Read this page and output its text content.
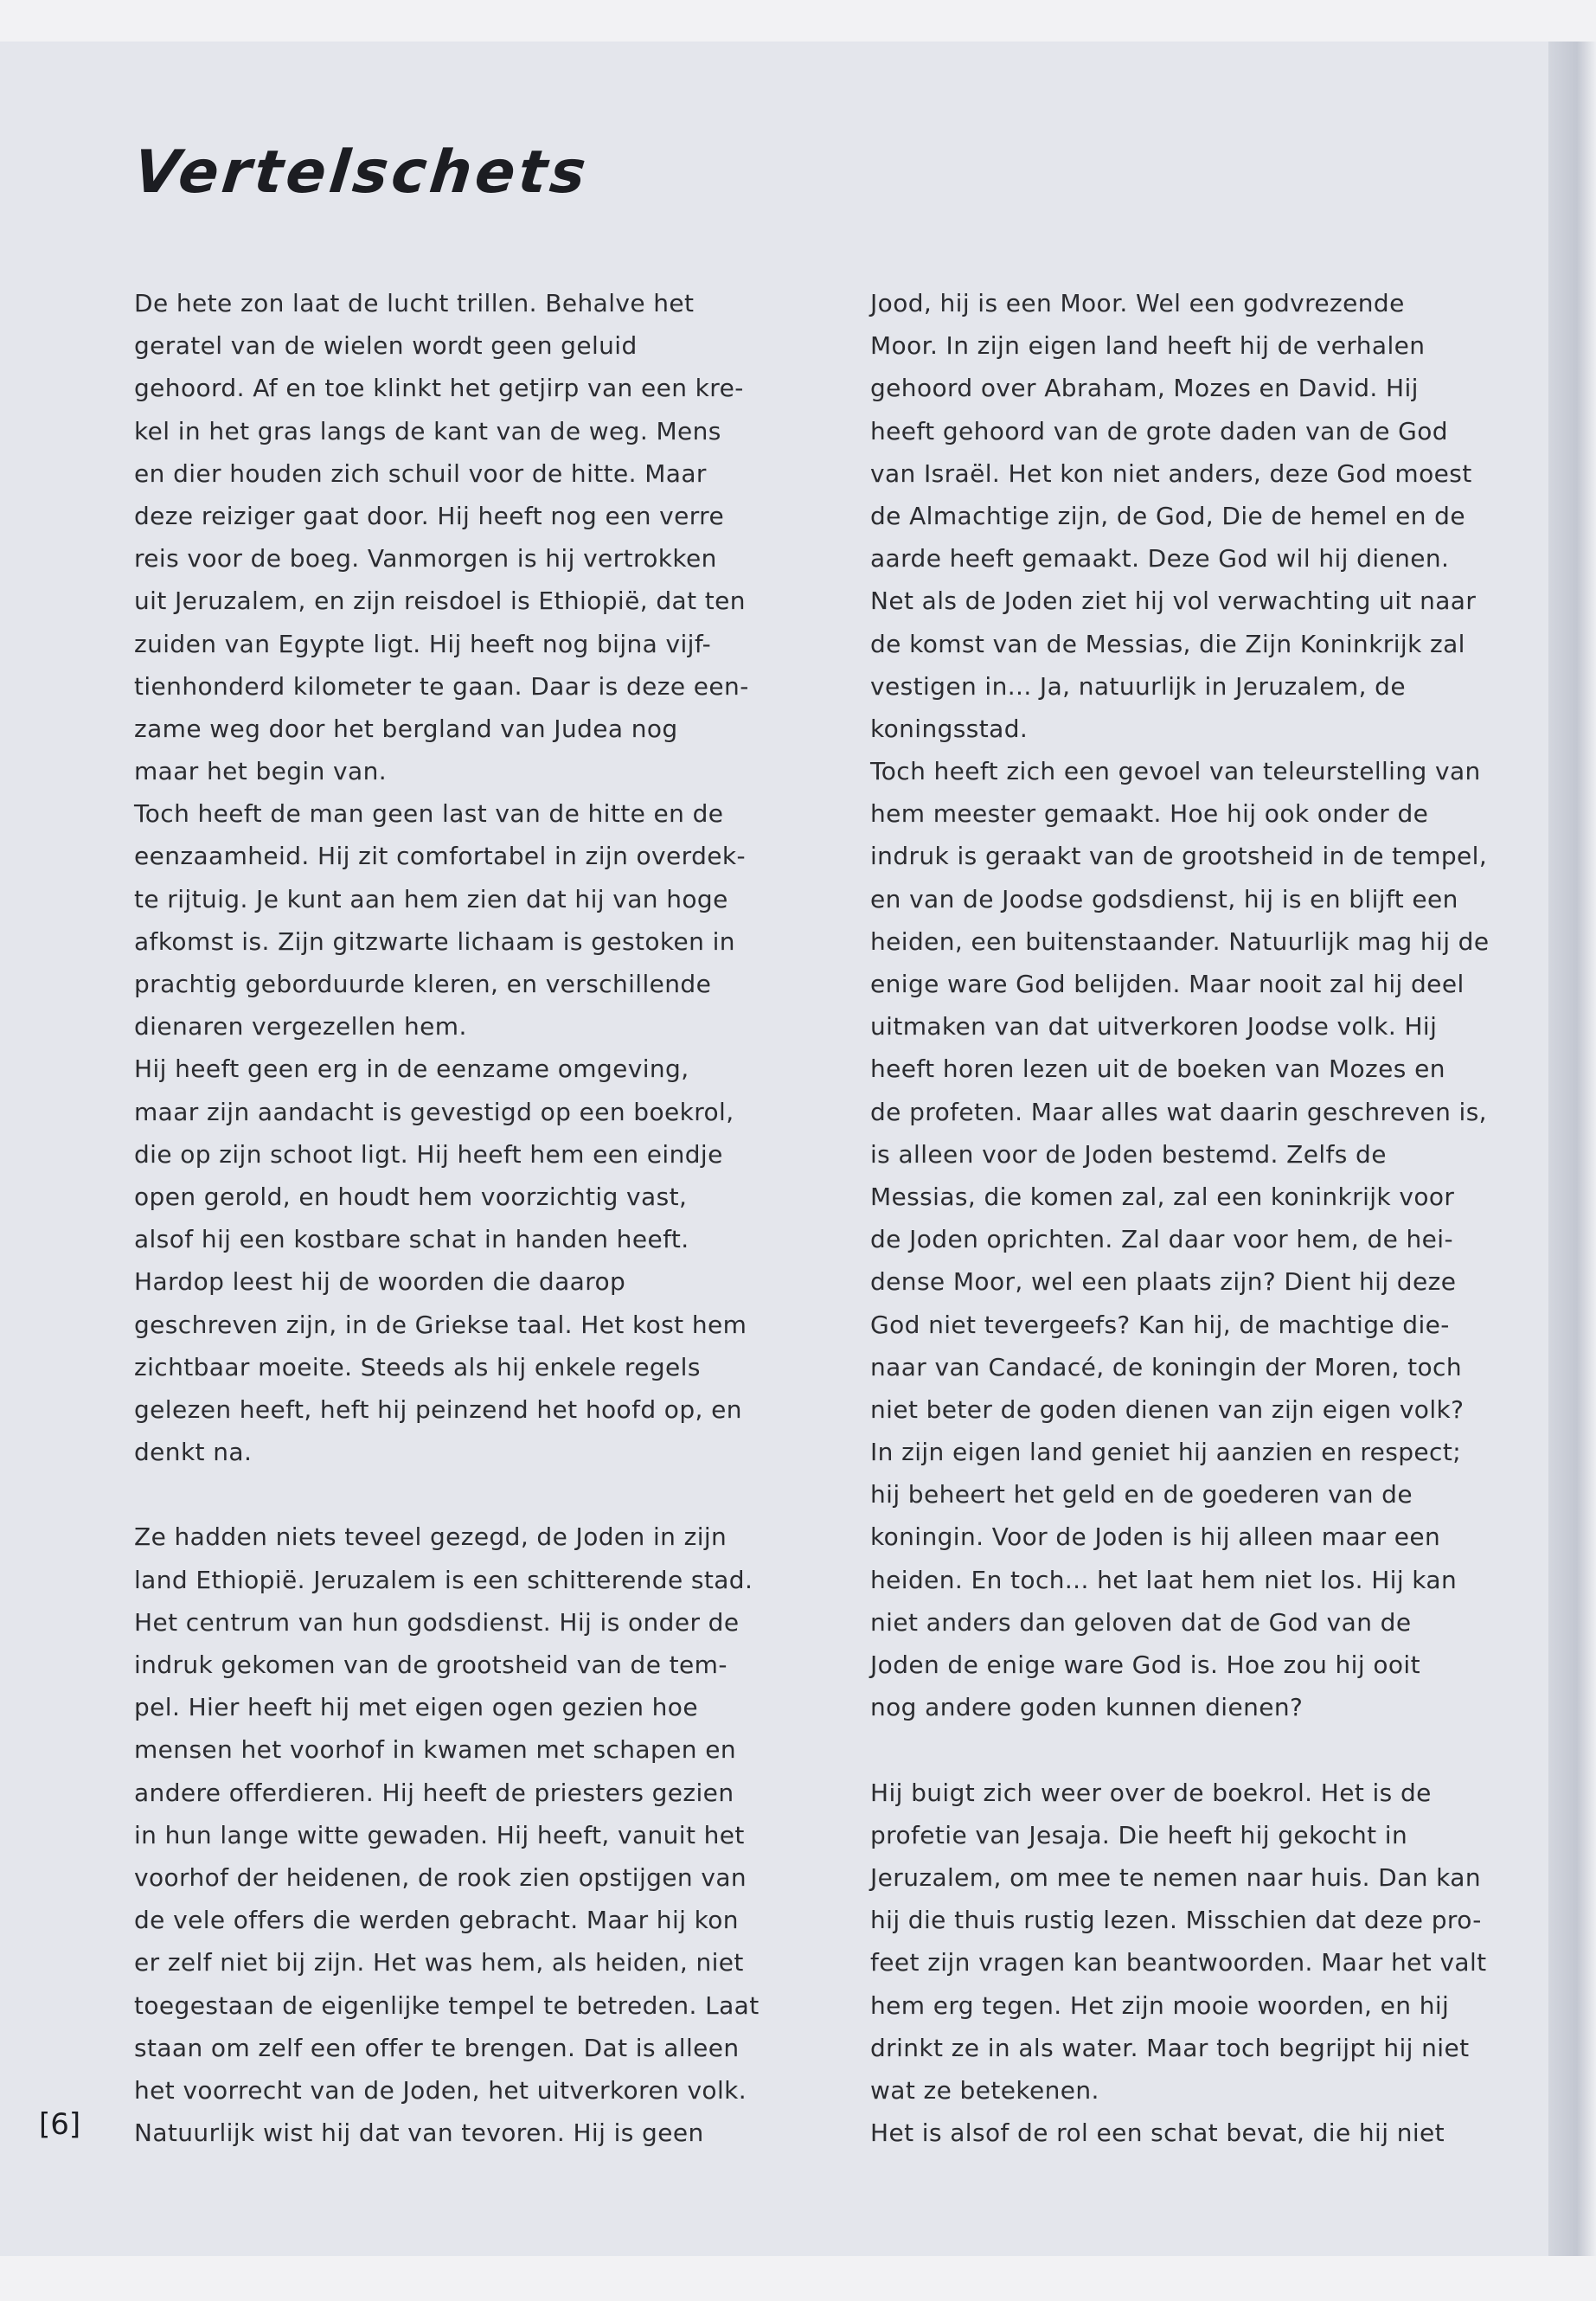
Vertelschets
De hete zon laat de lucht trillen. Behalve het
geratel van de wielen wordt geen geluid
gehoord. Af en toe klinkt het getjirp van een kre-
kel in het gras langs de kant van de weg. Mens
en dier houden zich schuil voor de hitte. Maar
deze reiziger gaat door. Hij heeft nog een verre
reis voor de boeg. Vanmorgen is hij vertrokken
uit Jeruzalem, en zijn reisdoel is Ethiopië, dat ten
zuiden van Egypte ligt. Hij heeft nog bijna vijf-
tienhonderd kilometer te gaan. Daar is deze een-
zame weg door het bergland van Judea nog
maar het begin van.
Toch heeft de man geen last van de hitte en de
eenzaamheid. Hij zit comfortabel in zijn overdek-
te rijtuig. Je kunt aan hem zien dat hij van hoge
afkomst is. Zijn gitzwarte lichaam is gestoken in
prachtig geborduurde kleren, en verschillende
dienaren vergezellen hem.
Hij heeft geen erg in de eenzame omgeving,
maar zijn aandacht is gevestigd op een boekrol,
die op zijn schoot ligt. Hij heeft hem een eindje
open gerold, en houdt hem voorzichtig vast,
alsof hij een kostbare schat in handen heeft.
Hardop leest hij de woorden die daarop
geschreven zijn, in de Griekse taal. Het kost hem
zichtbaar moeite. Steeds als hij enkele regels
gelezen heeft, heft hij peinzend het hoofd op, en
denkt na.
Ze hadden niets teveel gezegd, de Joden in zijn
land Ethiopië. Jeruzalem is een schitterende stad.
Het centrum van hun godsdienst. Hij is onder de
indruk gekomen van de grootsheid van de tem-
pel. Hier heeft hij met eigen ogen gezien hoe
mensen het voorhof in kwamen met schapen en
andere offerdieren. Hij heeft de priesters gezien
in hun lange witte gewaden. Hij heeft, vanuit het
voorhof der heidenen, de rook zien opstijgen van
de vele offers die werden gebracht. Maar hij kon
er zelf niet bij zijn. Het was hem, als heiden, niet
toegestaan de eigenlijke tempel te betreden. Laat
staan om zelf een offer te brengen. Dat is alleen
het voorrecht van de Joden, het uitverkoren volk.
Natuurlijk wist hij dat van tevoren. Hij is geen
Jood, hij is een Moor. Wel een godvrezende
Moor. In zijn eigen land heeft hij de verhalen
gehoord over Abraham, Mozes en David. Hij
heeft gehoord van de grote daden van de God
van Israël. Het kon niet anders, deze God moest
de Almachtige zijn, de God, Die de hemel en de
aarde heeft gemaakt. Deze God wil hij dienen.
Net als de Joden ziet hij vol verwachting uit naar
de komst van de Messias, die Zijn Koninkrijk zal
vestigen in... Ja, natuurlijk in Jeruzalem, de
koningsstad.
Toch heeft zich een gevoel van teleurstelling van
hem meester gemaakt. Hoe hij ook onder de
indruk is geraakt van de grootsheid in de tempel,
en van de Joodse godsdienst, hij is en blijft een
heiden, een buitenstaander. Natuurlijk mag hij de
enige ware God belijden. Maar nooit zal hij deel
uitmaken van dat uitverkoren Joodse volk. Hij
heeft horen lezen uit de boeken van Mozes en
de profeten. Maar alles wat daarin geschreven is,
is alleen voor de Joden bestemd. Zelfs de
Messias, die komen zal, zal een koninkrijk voor
de Joden oprichten. Zal daar voor hem, de hei-
dense Moor, wel een plaats zijn? Dient hij deze
God niet tevergeefs? Kan hij, de machtige die-
naar van Candacé, de koningin der Moren, toch
niet beter de goden dienen van zijn eigen volk?
In zijn eigen land geniet hij aanzien en respect;
hij beheert het geld en de goederen van de
koningin. Voor de Joden is hij alleen maar een
heiden. En toch... het laat hem niet los. Hij kan
niet anders dan geloven dat de God van de
Joden de enige ware God is. Hoe zou hij ooit
nog andere goden kunnen dienen?
Hij buigt zich weer over de boekrol. Het is de
profetie van Jesaja. Die heeft hij gekocht in
Jeruzalem, om mee te nemen naar huis. Dan kan
hij die thuis rustig lezen. Misschien dat deze pro-
feet zijn vragen kan beantwoorden. Maar het valt
hem erg tegen. Het zijn mooie woorden, en hij
drinkt ze in als water. Maar toch begrijpt hij niet
wat ze betekenen.
Het is alsof de rol een schat bevat, die hij niet
[6]
